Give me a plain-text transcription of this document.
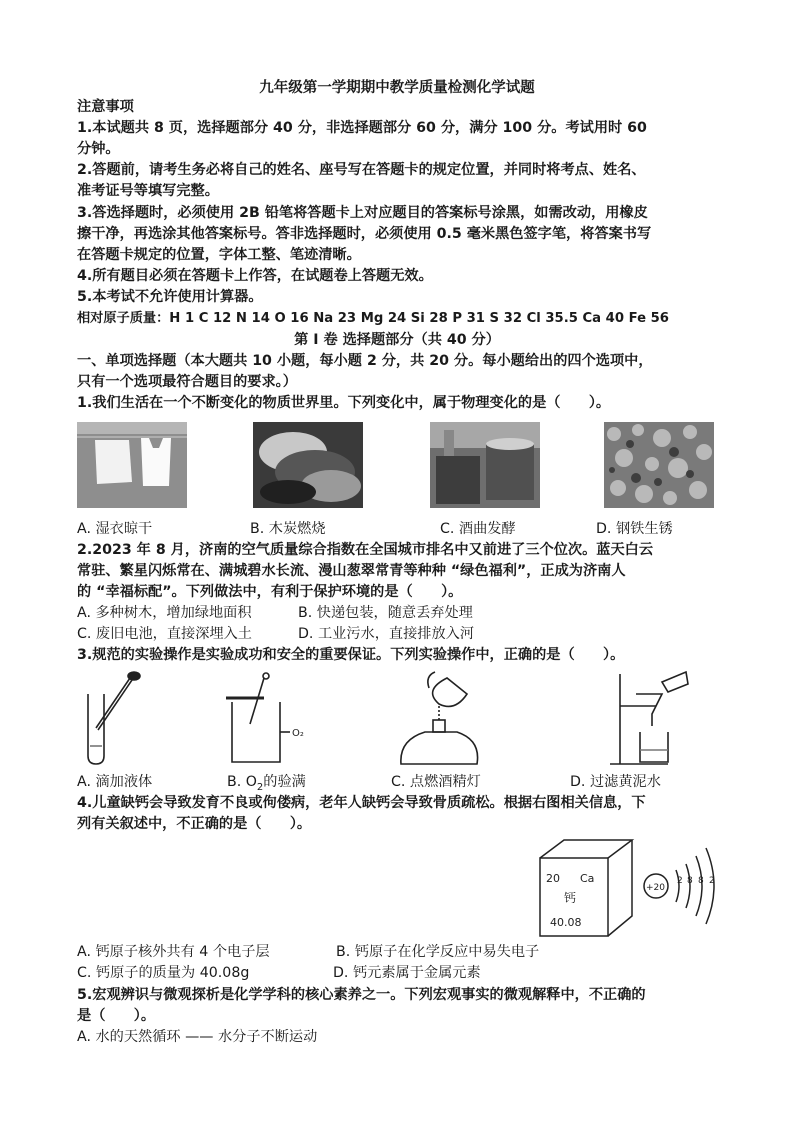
九年级第一学期期中教学质量检测化学试题
注意事项
1.本试题共 8 页，选择题部分 40 分，非选择题部分 60 分，满分 100 分。考试用时 60
分钟。
2.答题前，请考生务必将自己的姓名、座号写在答题卡的规定位置，并同时将考点、姓名、
准考证号等填写完整。
3.答选择题时，必须使用 2B 铅笔将答题卡上对应题目的答案标号涂黑，如需改动，用橡皮
擦干净，再选涂其他答案标号。答非选择题时，必须使用 0.5 毫米黑色签字笔，将答案书写
在答题卡规定的位置，字体工整、笔迹清晰。
4.所有题目必须在答题卡上作答，在试题卷上答题无效。
5.本考试不允许使用计算器。
相对原子质量：H 1 C 12 N 14 O 16 Na 23 Mg 24 Si 28 P 31 S 32 Cl 35.5 Ca 40 Fe 56
第 I 卷 选择题部分（共 40 分）
一、单项选择题（本大题共 10 小题，每小题 2 分，共 20 分。每小题给出的四个选项中，
只有一个选项最符合题目的要求。）
1.我们生活在一个不断变化的物质世界里。下列变化中，属于物理变化的是（　　）。
A. 湿衣晾干	B. 木炭燃烧	C. 酒曲发酵	D. 钢铁生锈
2.2023 年 8 月，济南的空气质量综合指数在全国城市排名中又前进了三个位次。蓝天白云
常驻、繁星闪烁常在、满城碧水长流、漫山葱翠常青等种种 “绿色福利”，正成为济南人
的 “幸福标配”。下列做法中，有利于保护环境的是（　　）。
A. 多种树木，增加绿地面积	B. 快递包装，随意丢弃处理
C. 废旧电池，直接深埋入土	D. 工业污水，直接排放入河
3.规范的实验操作是实验成功和安全的重要保证。下列实验操作中，正确的是（　　）。
O₂
A. 滴加液体	B. $O_2$的验满	C. 点燃酒精灯	D. 过滤黄泥水
4.儿童缺钙会导致发育不良或佝偻病，老年人缺钙会导致骨质疏松。根据右图相关信息，下
列有关叙述中，不正确的是（　　）。
20 Ca
钙
40.08
+20
2 8 8 2
A. 钙原子核外共有 4 个电子层	B. 钙原子在化学反应中易失电子
C. 钙原子的质量为 40.08g	D. 钙元素属于金属元素
5.宏观辨识与微观探析是化学学科的核心素养之一。下列宏观事实的微观解释中，不正确的
是（　　）。
A. 水的天然循环 —— 水分子不断运动
